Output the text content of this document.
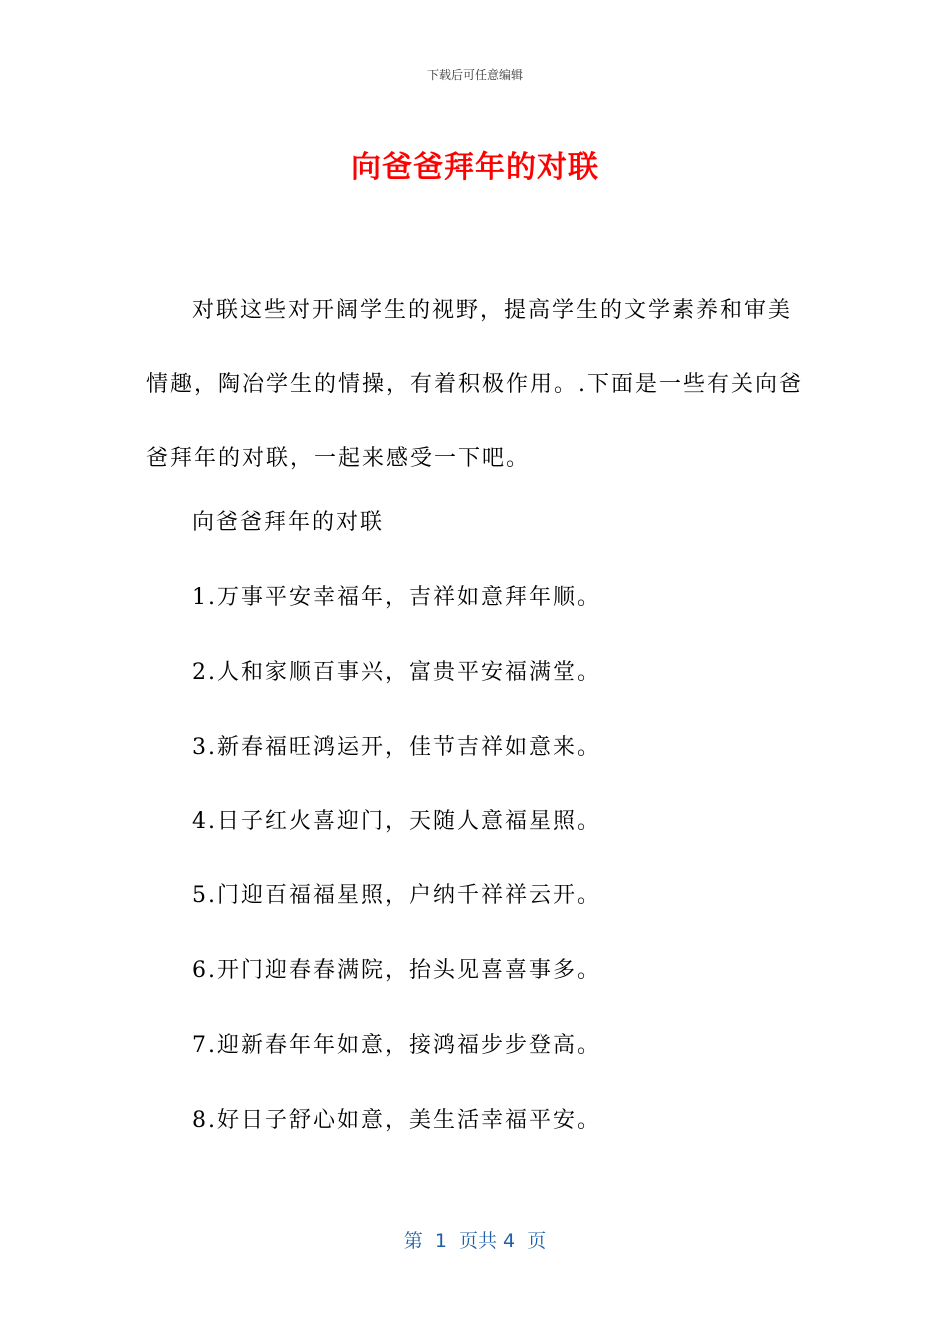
下载后可任意编辑
向爸爸拜年的对联

对联这些对开阔学生的视野，提高学生的文学素养和审美情趣，陶冶学生的情操，有着积极作用。.下面是一些有关向爸爸拜年的对联，一起来感受一下吧。

向爸爸拜年的对联
1.万事平安幸福年，吉祥如意拜年顺。
2.人和家顺百事兴，富贵平安福满堂。
3.新春福旺鸿运开，佳节吉祥如意来。
4.日子红火喜迎门，天随人意福星照。
5.门迎百福福星照，户纳千祥祥云开。
6.开门迎春春满院，抬头见喜喜事多。
7.迎新春年年如意，接鸿福步步登高。
8.好日子舒心如意，美生活幸福平安。
第  1  页共 4  页
